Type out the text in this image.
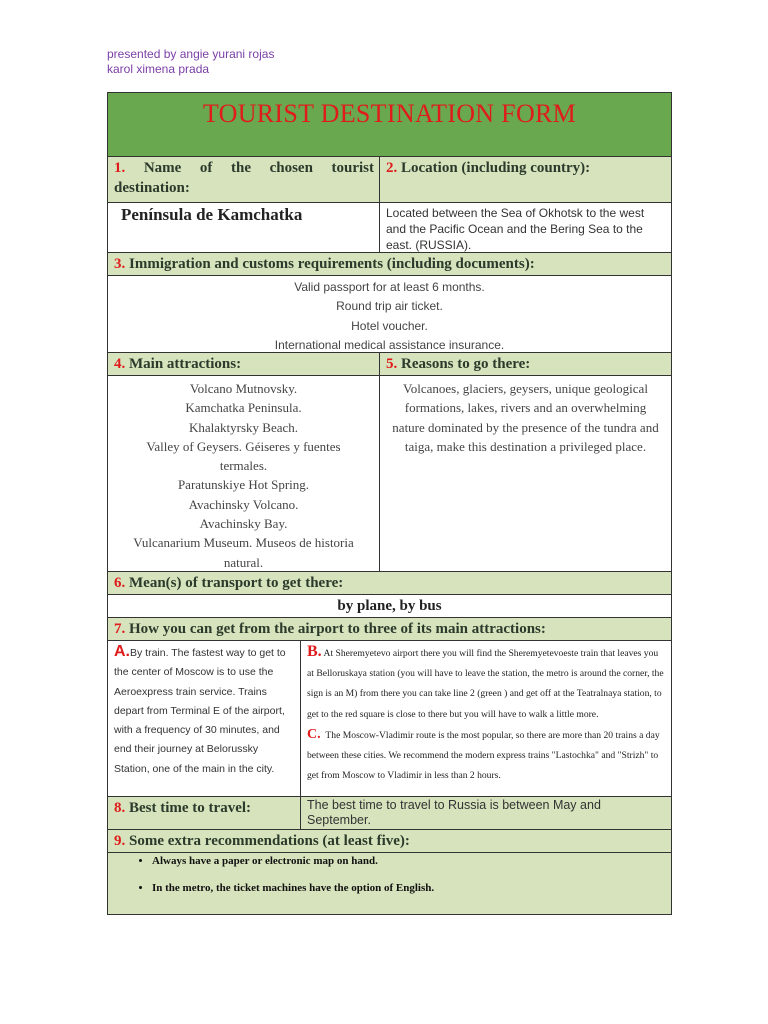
presented by angie yurani rojas
karol ximena prada
TOURIST DESTINATION FORM
1. Name of the chosen tourist destination:
2. Location (including country):
Península de Kamchatka	Located between the Sea of Okhotsk to the west and the Pacific Ocean and the Bering Sea to the east. (RUSSIA).
3. Immigration and customs requirements (including documents):
Valid passport for at least 6 months.
Round trip air ticket.
Hotel voucher.
International medical assistance insurance.
4. Main attractions:	5. Reasons to go there:
Volcano Mutnovsky.
Kamchatka Peninsula.
Khalaktyrsky Beach.
Valley of Geysers. Géiseres y fuentes termales.
Paratunskiye Hot Spring.
Avachinsky Volcano.
Avachinsky Bay.
Vulcanarium Museum. Museos de historia natural.
Volcanoes, glaciers, geysers, unique geological formations, lakes, rivers and an overwhelming nature dominated by the presence of the tundra and taiga, make this destination a privileged place.
6. Mean(s) of transport to get there:
by plane, by bus
7. How you can get from the airport to three of its main attractions:
A.By train. The fastest way to get to the center of Moscow is to use the Aeroexpress train service. Trains depart from Terminal E of the airport, with a frequency of 30 minutes, and end their journey at Belorussky Station, one of the main in the city.
B. At Sheremyetevo airport there you will find the Sheremyetevoeste train that leaves you at Belloruskaya station (you will have to leave the station, the metro is around the corner, the sign is an M) from there you can take line 2 (green ) and get off at the Teatralnaya station, to get to the red square is close to there but you will have to walk a little more.
C. The Moscow-Vladimir route is the most popular, so there are more than 20 trains a day between these cities. We recommend the modern express trains "Lastochka" and "Strizh" to get from Moscow to Vladimir in less than 2 hours.
8. Best time to travel:	The best time to travel to Russia is between May and September.
9. Some extra recommendations (at least five):
• Always have a paper or electronic map on hand.
• In the metro, the ticket machines have the option of English.
